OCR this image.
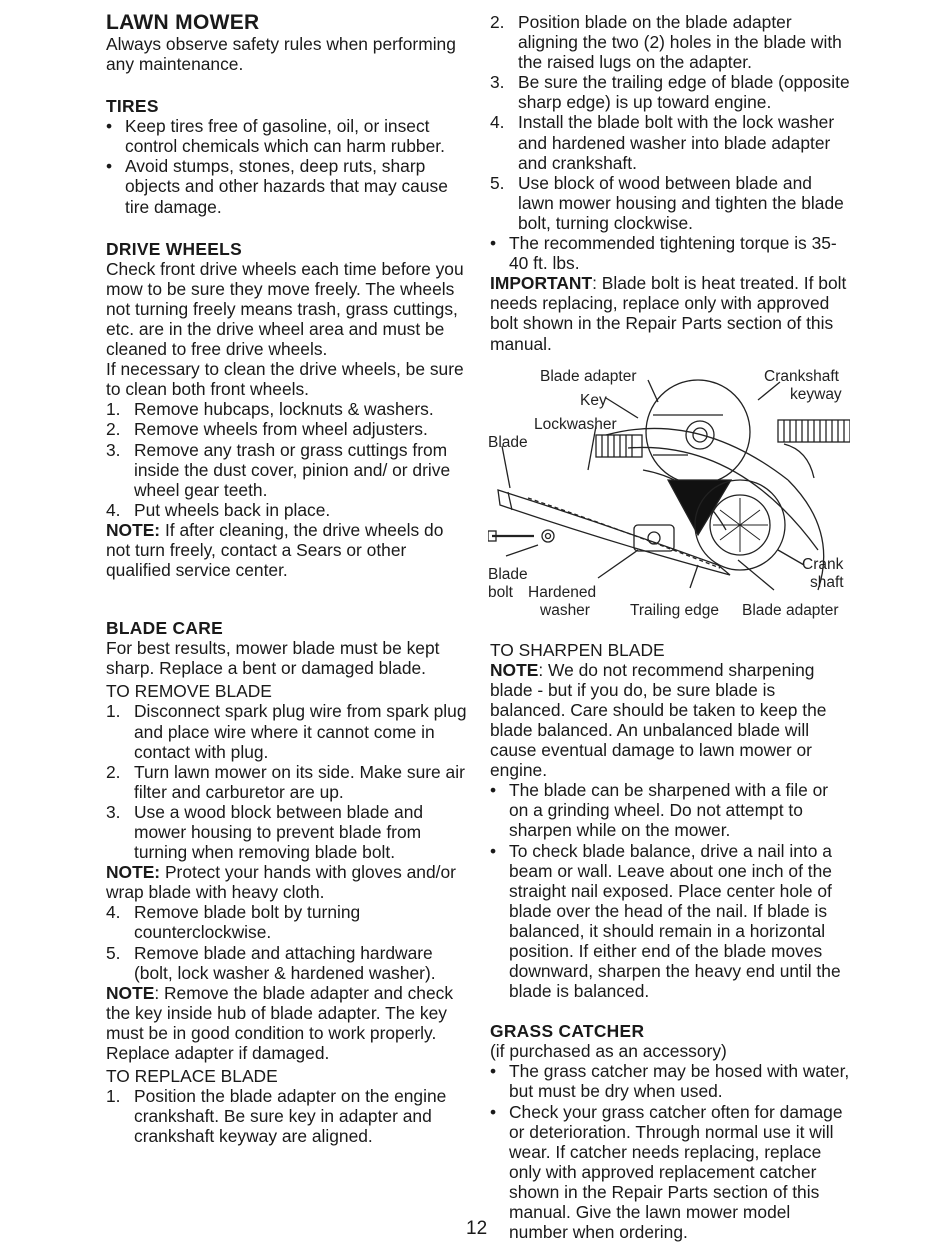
LAWN MOWER

Always observe safety rules when performing any maintenance.

TIRES
• Keep tires free of gasoline, oil, or insect control chemicals which can harm rubber.
• Avoid stumps, stones, deep ruts, sharp objects and other hazards that may cause tire damage.
DRIVE WHEELS

Check front drive wheels each time before you mow to be sure they move freely. The wheels not turning freely means trash, grass cuttings, etc. are in the drive wheel area and must be cleaned to free drive wheels.

If necessary to clean the drive wheels, be sure to clean both front wheels.

1. Remove hubcaps, locknuts & washers.
2. Remove wheels from wheel adjusters.
3. Remove any trash or grass cuttings from inside the dust cover, pinion and/ or drive wheel gear teeth.
4. Put wheels back in place.

NOTE: If after cleaning, the drive wheels do not turn freely, contact a Sears or other qualified service center.

BLADE CARE

For best results, mower blade must be kept sharp. Replace a bent or damaged blade.

TO REMOVE BLADE

1. Disconnect spark plug wire from spark plug and place wire where it cannot come in contact with plug.
2. Turn lawn mower on its side. Make sure air filter and carburetor are up.
3. Use a wood block between blade and mower housing to prevent blade from turning when removing blade bolt.

NOTE: Protect your hands with gloves and/or wrap blade with heavy cloth.

4. Remove blade bolt by turning counterclockwise.
5. Remove blade and attaching hardware (bolt, lock washer & hardened washer).

NOTE: Remove the blade adapter and check the key inside hub of blade adapter. The key must be in good condition to work properly. Replace adapter if damaged.

TO REPLACE BLADE

1. Position the blade adapter on the engine crankshaft. Be sure key in adapter and crankshaft keyway are aligned.
2. Position blade on the blade adapter aligning the two (2) holes in the blade with the raised lugs on the adapter.
3. Be sure the trailing edge of blade (opposite sharp edge) is up toward engine.
4. Install the blade bolt with the lock washer and hardened washer into blade adapter and crankshaft.
5. Use block of wood between blade and lawn mower housing and tighten the blade bolt, turning clockwise.
• The recommended tightening torque is 35-40 ft. lbs.

IMPORTANT: Blade bolt is heat treated. If bolt needs replacing, replace only with approved bolt shown in the Repair Parts section of this manual.

Blade adapter	Crankshaft
keyway
Key
Lockwasher
Blade
Blade
bolt Hardened
washer	Trailing edge Blade adapter
Crank
shaft

TO SHARPEN BLADE

NOTE: We do not recommend sharpening blade - but if you do, be sure blade is balanced. Care should be taken to keep the blade balanced. An unbalanced blade will cause eventual damage to lawn mower or engine.

• The blade can be sharpened with a file or on a grinding wheel. Do not attempt to sharpen while on the mower.
• To check blade balance, drive a nail into a beam or wall. Leave about one inch of the straight nail exposed. Place center hole of blade over the head of the nail. If blade is balanced, it should remain in a horizontal position. If either end of the blade moves downward, sharpen the heavy end until the blade is balanced.
GRASS CATCHER

(if purchased as an accessory)

• The grass catcher may be hosed with water, but must be dry when used.
• Check your grass catcher often for damage or deterioration. Through normal use it will wear. If catcher needs replacing, replace only with approved replacement catcher shown in the Repair Parts section of this manual. Give the lawn mower model number when ordering.
12
